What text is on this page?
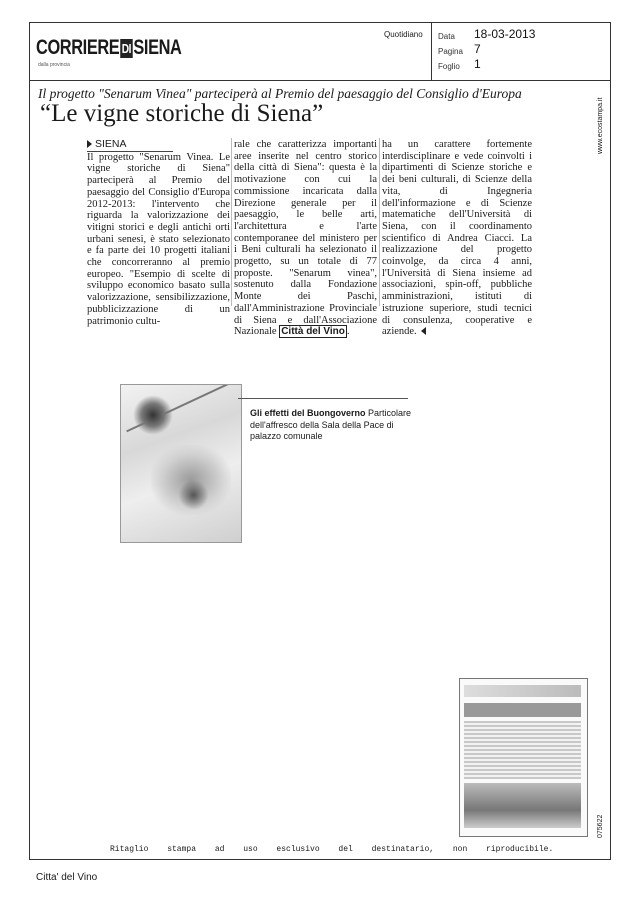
CORRIERE DI SIENA
dalla provincia
Quotidiano Data 18-03-2013
Pagina 7
Foglio 1
www.ecostampa.it
075622
Il progetto "Senarum Vinea" parteciperà al Premio del paesaggio del Consiglio d'Europa
“Le vigne storiche di Siena”
SIENA

Il progetto "Senarum Vinea. Le vigne storiche di Siena" parteciperà al Premio del paesaggio del Consiglio d'Europa 2012-2013: l'intervento che riguarda la valorizzazione dei vitigni storici e degli antichi orti urbani senesi, è stato selezionato e fa parte dei 10 progetti italiani che concorreranno al premio europeo. "Esempio di scelte di sviluppo economico basato sulla valorizzazione, sensibilizzazione, pubblicizzazione di un patrimonio cultu-

rale che caratterizza importanti aree inserite nel centro storico della città di Siena": questa è la motivazione con cui la commissione incaricata dalla Direzione generale per il paesaggio, le belle arti, l'architettura e l'arte contemporanee del ministero per i Beni culturali ha selezionato il progetto, su un totale di 77 proposte. "Senarum vinea", sostenuto dalla Fondazione Monte dei Paschi, dall'Amministrazione Provinciale di Siena e dall'Associazione Nazionale Città del Vino .

ha un carattere fortemente interdisciplinare e vede coinvolti i dipartimenti di Scienze storiche e dei beni culturali, di Scienze della vita, di Ingegneria dell'informazione e di Scienze matematiche dell'Università di Siena, con il coordinamento scientifico di Andrea Ciacci. La realizzazione del progetto coinvolge, da circa 4 anni, l'Università di Siena insieme ad associazioni, spin-off, pubbliche amministrazioni, istituti di istruzione superiore, studi tecnici di consulenza, cooperative e aziende.

Gli effetti del Buongoverno Particolare dell'affresco della Sala della Pace di palazzo comunale
Ritaglio stampa ad uso esclusivo del destinatario, non riproducibile.
Citta' del Vino
